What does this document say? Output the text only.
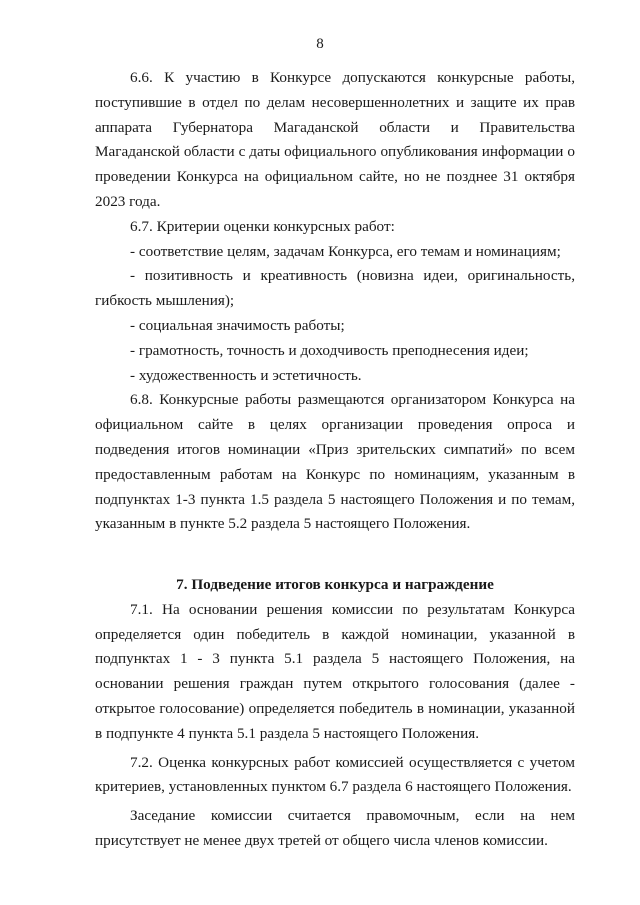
8

6.6. К участию в Конкурсе допускаются конкурсные работы, поступившие в отдел по делам несовершеннолетних и защите их прав аппарата Губернатора Магаданской области и Правительства Магаданской области с даты официального опубликования информации о проведении Конкурса на официальном сайте, но не позднее 31 октября 2023 года.

6.7. Критерии оценки конкурсных работ:

- соответствие целям, задачам Конкурса, его темам и номинациям;

- позитивность и креативность (новизна идеи, оригинальность, гибкость мышления);

- социальная значимость работы;

- грамотность, точность и доходчивость преподнесения идеи;

- художественность и эстетичность.

6.8. Конкурсные работы размещаются организатором Конкурса на официальном сайте в целях организации проведения опроса и подведения итогов номинации «Приз зрительских симпатий» по всем предоставленным работам на Конкурс по номинациям, указанным в подпунктах 1-3 пункта 1.5 раздела 5 настоящего Положения и по темам, указанным в пункте 5.2 раздела 5 настоящего Положения.

7. Подведение итогов конкурса и награждение

7.1. На основании решения комиссии по результатам Конкурса определяется один победитель в каждой номинации, указанной в подпунктах 1 - 3 пункта 5.1 раздела 5 настоящего Положения, на основании решения граждан путем открытого голосования (далее - открытое голосование) определяется победитель в номинации, указанной в подпункте 4 пункта 5.1 раздела 5 настоящего Положения.

7.2. Оценка конкурсных работ комиссией осуществляется с учетом критериев, установленных пунктом 6.7 раздела 6 настоящего Положения.

Заседание комиссии считается правомочным, если на нем присутствует не менее двух третей от общего числа членов комиссии.
